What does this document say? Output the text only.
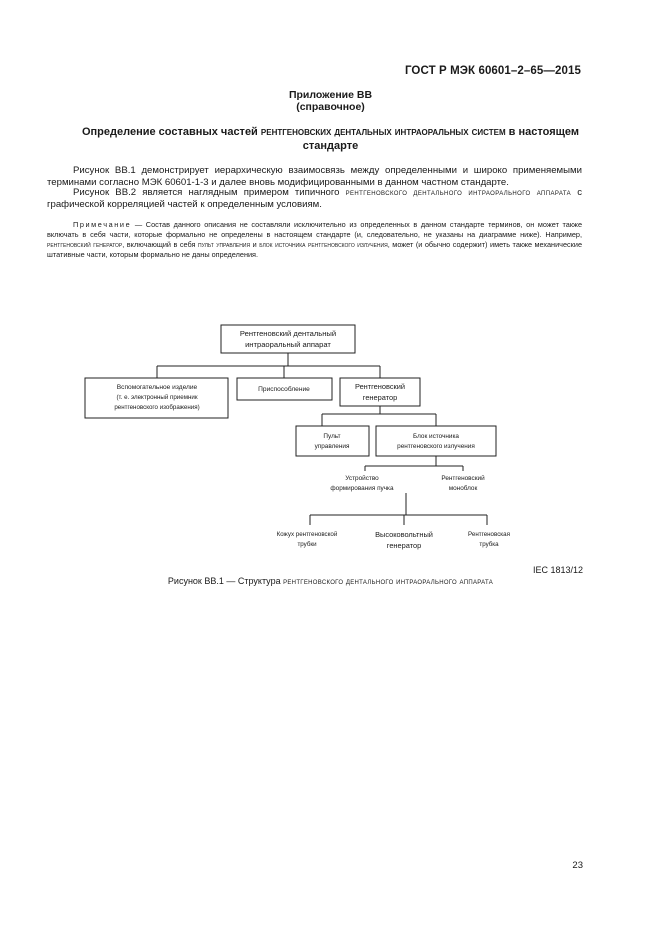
ГОСТ Р МЭК 60601–2–65—2015
Приложение ВВ
(справочное)
Определение составных частей рентгеновских дентальных интраоральных систем в настоящем стандарте
Рисунок ВВ.1 демонстрирует иерархическую взаимосвязь между определенными и широко применяемыми терминами согласно МЭК 60601-1-3 и далее вновь модифицированными в данном частном стандарте.
Рисунок ВВ.2 является наглядным примером типичного рентгеновского дентального интраорального аппарата с графической корреляцией частей к определенным условиям.
Примечание — Состав данного описания не составляли исключительно из определенных в данном стандарте терминов, он может также включать в себя части, которые формально не определены в настоящем стандарте (и, следовательно, не указаны на диаграмме ниже). Например, рентгеновский генератор, включающий в себя пульт управления и блок источника рентгеновского излучения, может (и обычно содержит) иметь также механические штативные части, которым формально не даны определения.
Рентгеновский дентальный
интраоральный аппарат
Вспомогательное изделие
(т. е. электронный приемник
рентгеновского изображения)
Приспособление	Рентгеновский
генератор
Пульт
управления
Блок источника
рентгеновского излучения
Устройство
формирования пучка
Рентгеновский
моноблок
Кожух рентгеновской
трубки
Высоковольтный
генератор
Рентгеновская
трубка
IEC 1813/12
Рисунок ВВ.1 — Структура рентгеновского дентального интраорального аппарата
23
